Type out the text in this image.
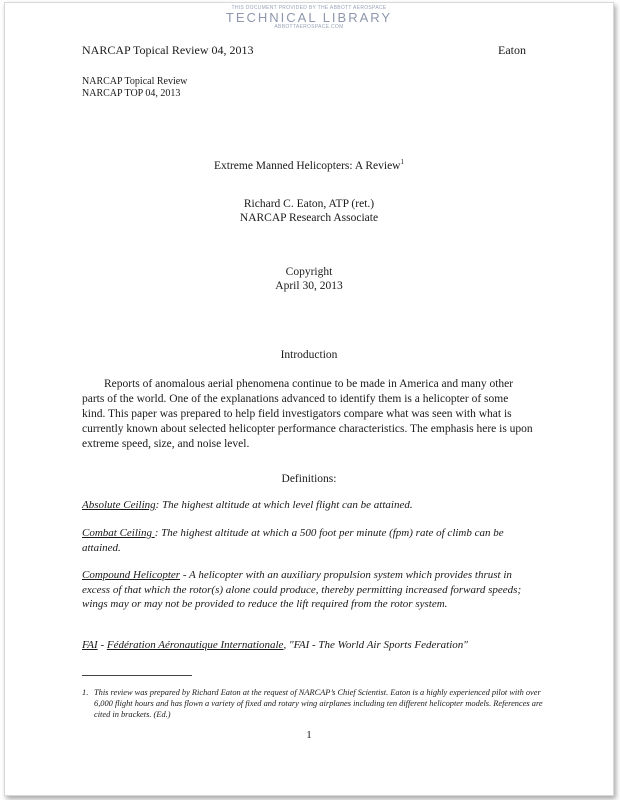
THIS DOCUMENT PROVIDED BY THE ABBOTT AEROSPACE
TECHNICAL LIBRARY
ABBOTTAEROSPACE.COM
NARCAP Topical Review 04, 2013	Eaton
NARCAP Topical Review
NARCAP TOP 04, 2013
Extreme Manned Helicopters: A Review$^1$
Richard C. Eaton, ATP (ret.)
NARCAP Research Associate
Copyright
April 30, 2013
Introduction
Reports of anomalous aerial phenomena continue to be made in America and many other parts of the world. One of the explanations advanced to identify them is a helicopter of some kind. This paper was prepared to help field investigators compare what was seen with what is currently known about selected helicopter performance characteristics. The emphasis here is upon extreme speed, size, and noise level.
Definitions:
Absolute Ceiling: The highest altitude at which level flight can be attained.
Combat Ceiling : The highest altitude at which a 500 foot per minute (fpm) rate of climb can be attained.
Compound Helicopter - A helicopter with an auxiliary propulsion system which provides thrust in excess of that which the rotor(s) alone could produce, thereby permitting increased forward speeds; wings may or may not be provided to reduce the lift required from the rotor system.
FAI - Fédération Aéronautique Internationale, "FAI - The World Air Sports Federation"
1. This review was prepared by Richard Eaton at the request of NARCAP’s Chief Scientist. Eaton is a highly experienced pilot with over 6,000 flight hours and has flown a variety of fixed and rotary wing airplanes including ten different helicopter models. References are cited in brackets. (Ed.)
1
